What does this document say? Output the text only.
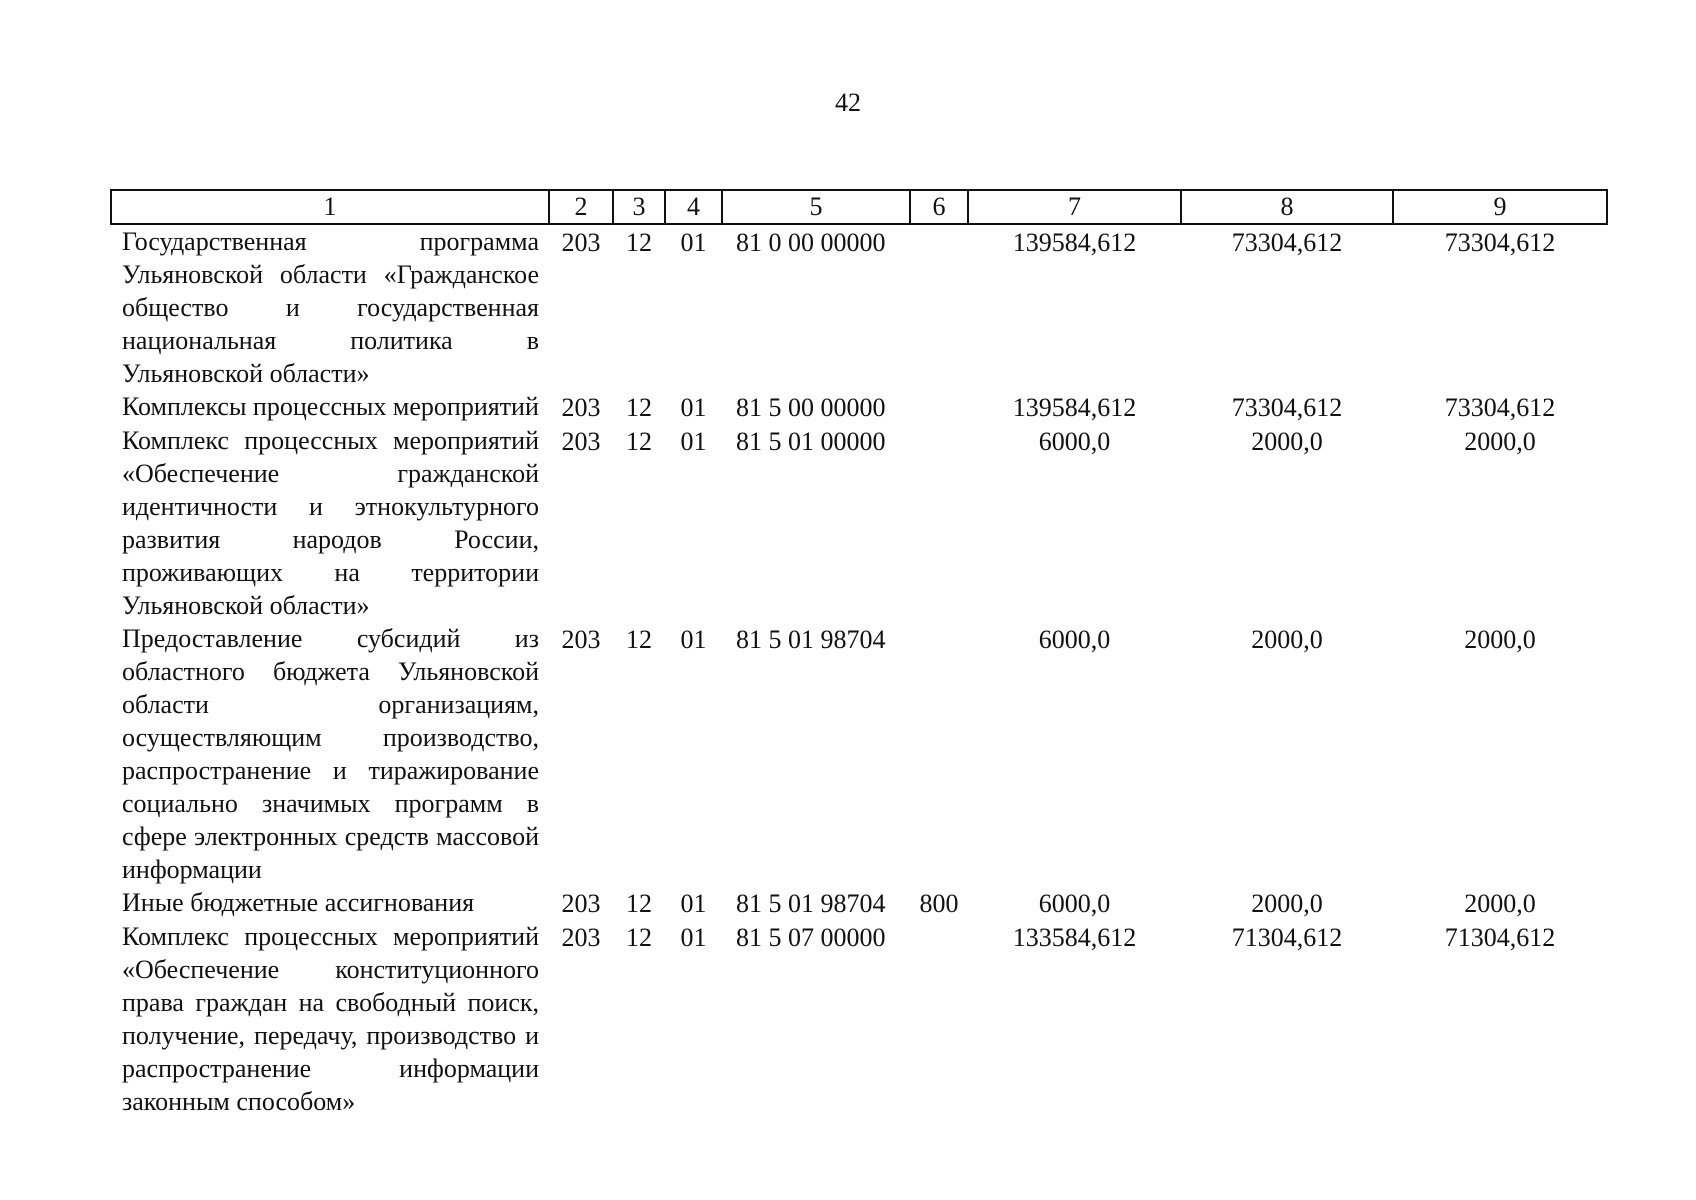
42
1	2	3	4	5	6	7	8	9
Государственная программа Ульяновской области «Гражданское общество и государственная национальная политика в Ульяновской области»	203	12	01	81 0 00 00000		139584,612	73304,612	73304,612
Комплексы процессных мероприятий	203	12	01	81 5 00 00000		139584,612	73304,612	73304,612
Комплекс процессных мероприятий «Обеспечение гражданской идентичности и этнокультурного развития народов России, проживающих на территории Ульяновской области»	203	12	01	81 5 01 00000		6000,0	2000,0	2000,0
Предоставление субсидий из областного бюджета Ульяновской области организациям, осуществляющим производство, распространение и тиражирование социально значимых программ в сфере электронных средств массовой информации	203	12	01	81 5 01 98704		6000,0	2000,0	2000,0
Иные бюджетные ассигнования	203	12	01	81 5 01 98704	800	6000,0	2000,0	2000,0
Комплекс процессных мероприятий «Обеспечение конституционного права граждан на свободный поиск, получение, передачу, производство и распространение информации законным способом»	203	12	01	81 5 07 00000		133584,612	71304,612	71304,612
